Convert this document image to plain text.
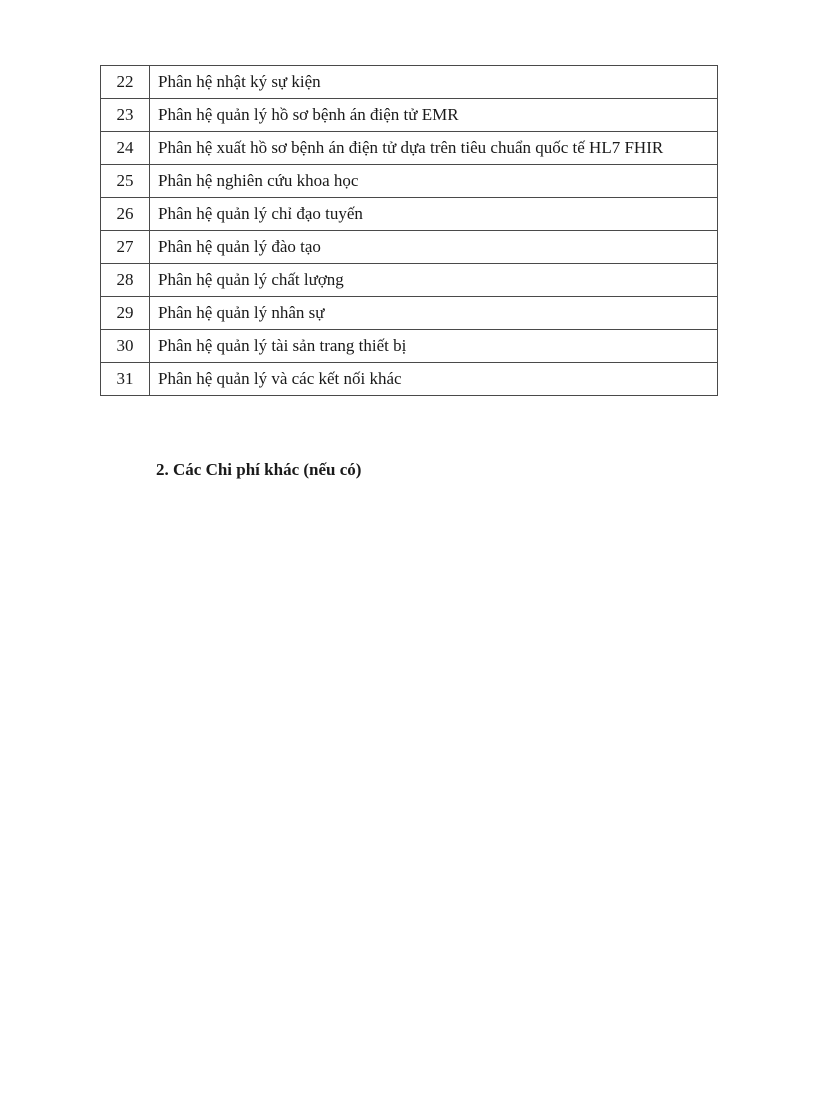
22	Phân hệ nhật ký sự kiện
23	Phân hệ quản lý hồ sơ bệnh án điện tử EMR
24	Phân hệ xuất hồ sơ bệnh án điện tử dựa trên tiêu chuẩn quốc tế HL7 FHIR
25	Phân hệ nghiên cứu khoa học
26	Phân hệ quản lý chỉ đạo tuyến
27	Phân hệ quản lý đào tạo
28	Phân hệ quản lý chất lượng
29	Phân hệ quản lý nhân sự
30	Phân hệ quản lý tài sản trang thiết bị
31	Phân hệ quản lý và các kết nối khác

2. Các Chi phí khác (nếu có)
